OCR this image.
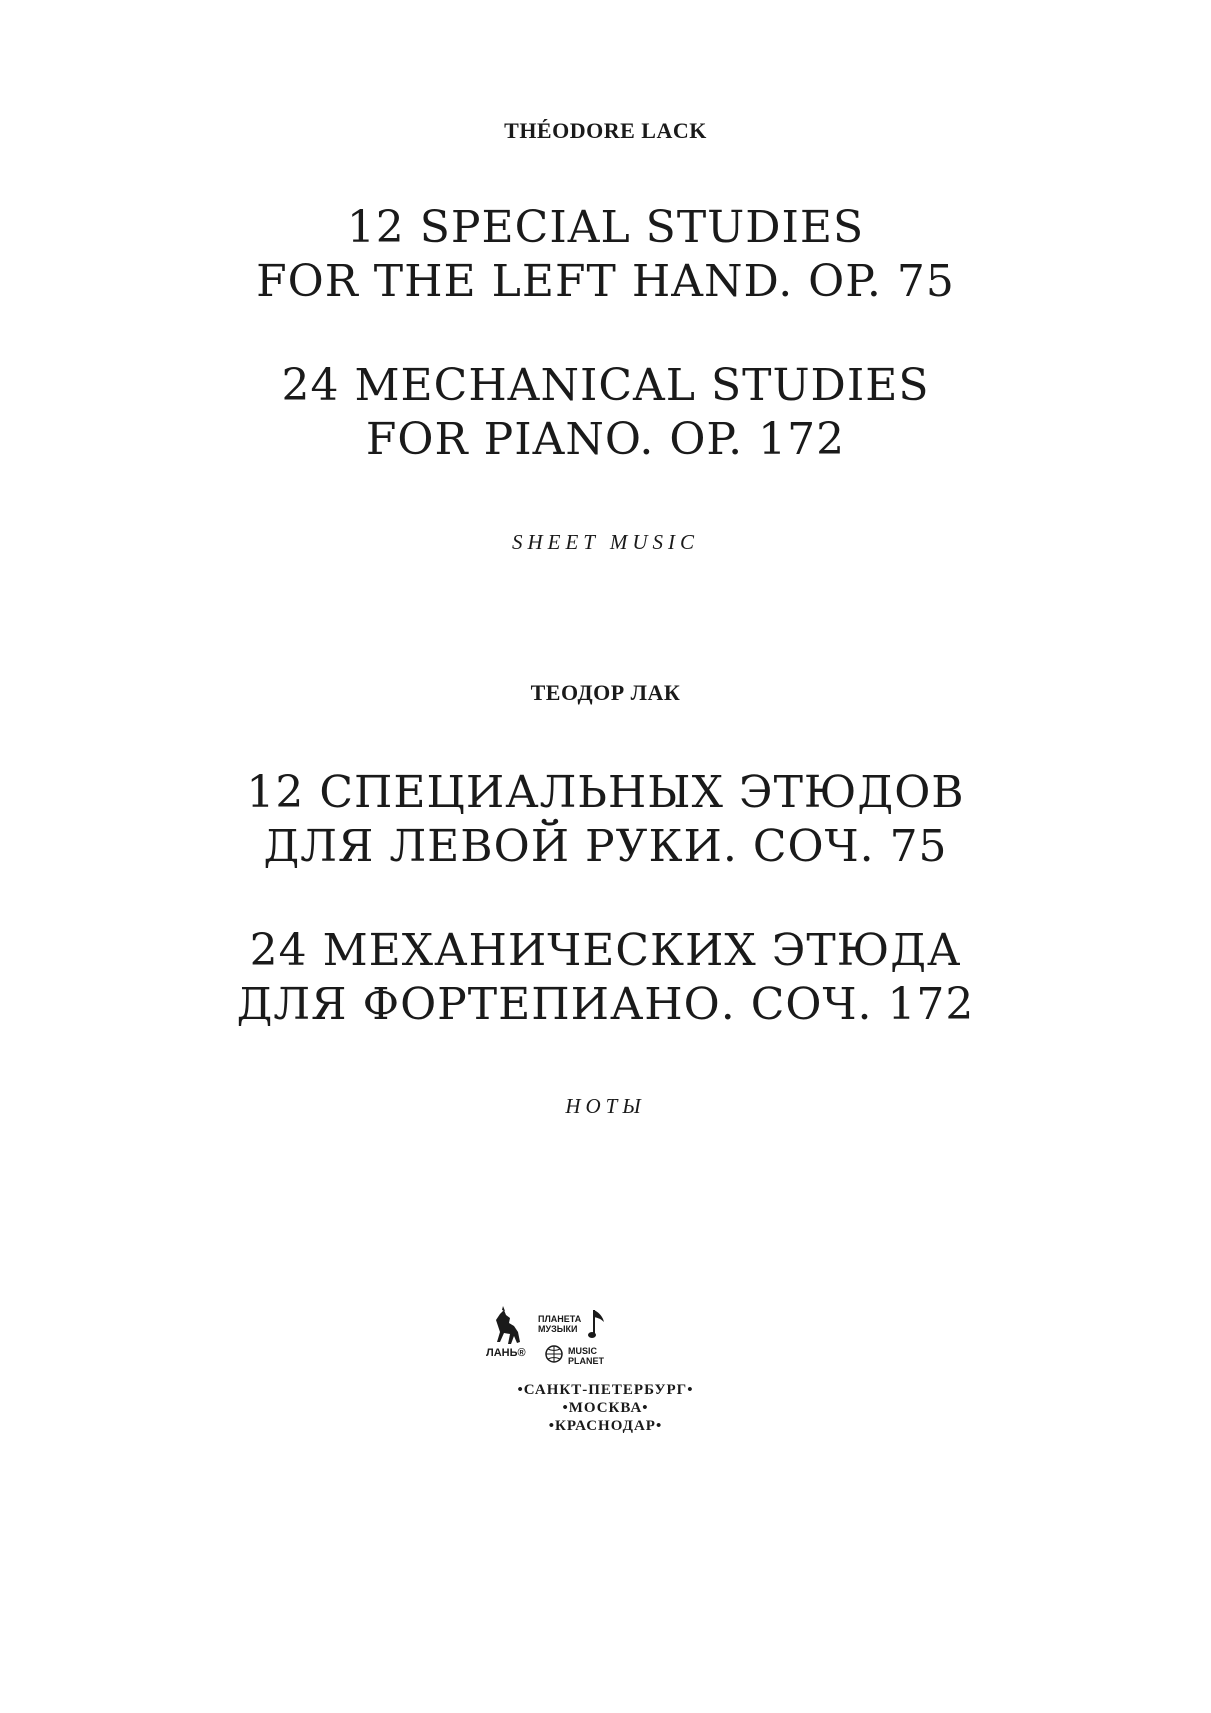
THÉODORE LACK
12 SPECIAL STUDIES
FOR THE LEFT HAND. OP. 75
24 MECHANICAL STUDIES
FOR PIANO. OP. 172
SHEET MUSIC
ТЕОДОР ЛАК
12 СПЕЦИАЛЬНЫХ ЭТЮДОВ
ДЛЯ ЛЕВОЙ РУКИ. СОЧ. 75
24 МЕХАНИЧЕСКИХ ЭТЮДА
ДЛЯ ФОРТЕПИАНО. СОЧ. 172
НОТЫ
ЛАНЬ®
ПЛАНЕТА
МУЗЫКИ
MUSIC
PLANET
•САНКТ-ПЕТЕРБУРГ•
•МОСКВА•
•КРАСНОДАР•
